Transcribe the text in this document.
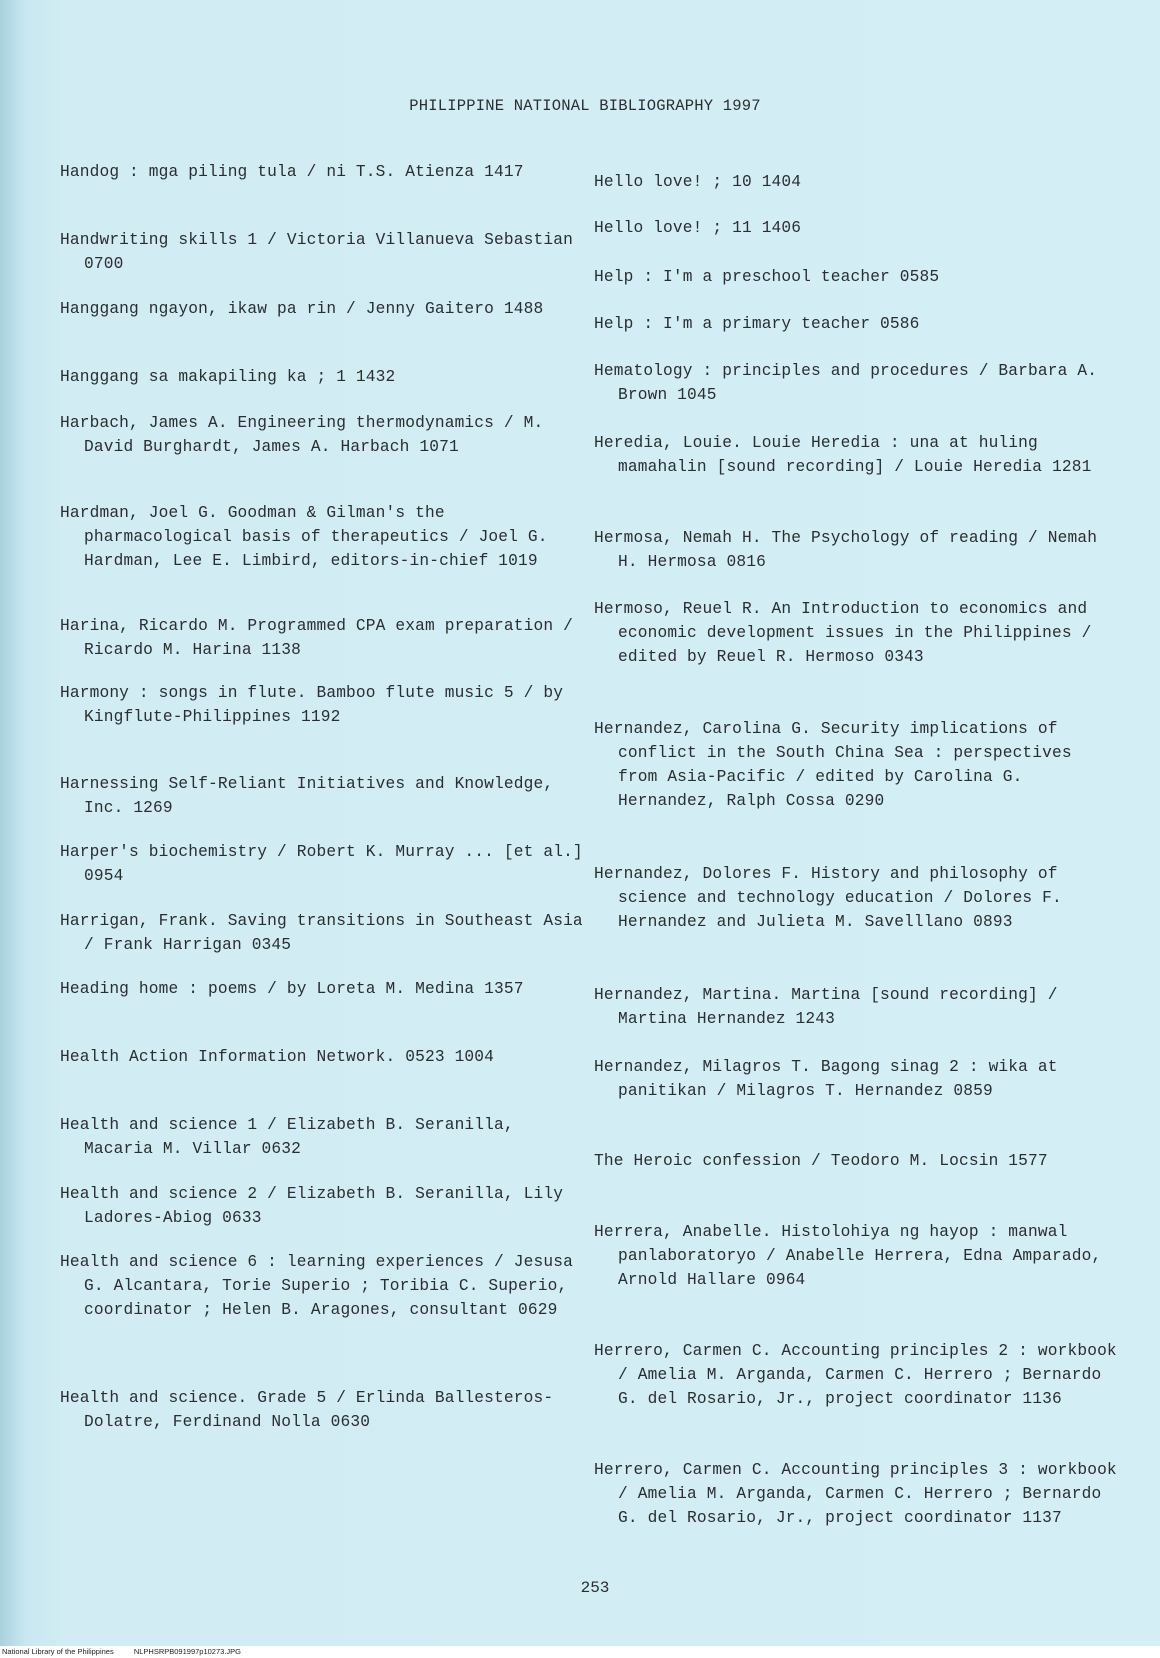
PHILIPPINE NATIONAL BIBLIOGRAPHY 1997

Handog : mga piling tula / ni T.S. Atienza 1417

Handwriting skills 1 / Victoria Villanueva Sebastian 0700

Hanggang ngayon, ikaw pa rin / Jenny Gaitero 1488

Hanggang sa makapiling ka ; 1 1432

Harbach, James A. Engineering thermodynamics / M. David Burghardt, James A. Harbach 1071

Hardman, Joel G. Goodman & Gilman's the pharmacological basis of therapeutics / Joel G. Hardman, Lee E. Limbird, editors-in-chief 1019

Harina, Ricardo M. Programmed CPA exam preparation / Ricardo M. Harina 1138

Harmony : songs in flute. Bamboo flute music 5 / by Kingflute-Philippines 1192

Harnessing Self-Reliant Initiatives and Knowledge, Inc. 1269

Harper's biochemistry / Robert K. Murray ... [et al.] 0954

Harrigan, Frank. Saving transitions in Southeast Asia / Frank Harrigan 0345

Heading home : poems / by Loreta M. Medina 1357

Health Action Information Network. 0523 1004

Health and science 1 / Elizabeth B. Seranilla, Macaria M. Villar 0632

Health and science 2 / Elizabeth B. Seranilla, Lily Ladores-Abiog 0633

Health and science 6 : learning experiences / Jesusa G. Alcantara, Torie Superio ; Toribia C. Superio, coordinator ; Helen B. Aragones, consultant 0629

Health and science. Grade 5 / Erlinda Ballesteros-Dolatre, Ferdinand Nolla 0630

Hello love! ; 10 1404

Hello love! ; 11 1406

Help : I'm a preschool teacher 0585

Help : I'm a primary teacher 0586

Hematology : principles and procedures / Barbara A. Brown 1045

Heredia, Louie. Louie Heredia : una at huling mamahalin [sound recording] / Louie Heredia 1281

Hermosa, Nemah H. The Psychology of reading / Nemah H. Hermosa 0816

Hermoso, Reuel R. An Introduction to economics and economic development issues in the Philippines / edited by Reuel R. Hermoso 0343

Hernandez, Carolina G. Security implications of conflict in the South China Sea : perspectives from Asia-Pacific / edited by Carolina G. Hernandez, Ralph Cossa 0290

Hernandez, Dolores F. History and philosophy of science and technology education / Dolores F. Hernandez and Julieta M. Savelllano 0893

Hernandez, Martina. Martina [sound recording] / Martina Hernandez 1243

Hernandez, Milagros T. Bagong sinag 2 : wika at panitikan / Milagros T. Hernandez 0859

The Heroic confession / Teodoro M. Locsin 1577

Herrera, Anabelle. Histolohiya ng hayop : manwal panlaboratoryo / Anabelle Herrera, Edna Amparado, Arnold Hallare 0964

Herrero, Carmen C. Accounting principles 2 : workbook / Amelia M. Arganda, Carmen C. Herrero ; Bernardo G. del Rosario, Jr., project coordinator 1136

Herrero, Carmen C. Accounting principles 3 : workbook / Amelia M. Arganda, Carmen C. Herrero ; Bernardo G. del Rosario, Jr., project coordinator 1137

253
National Library of the Philippines	NLPHSRPB091997p10273.JPG
